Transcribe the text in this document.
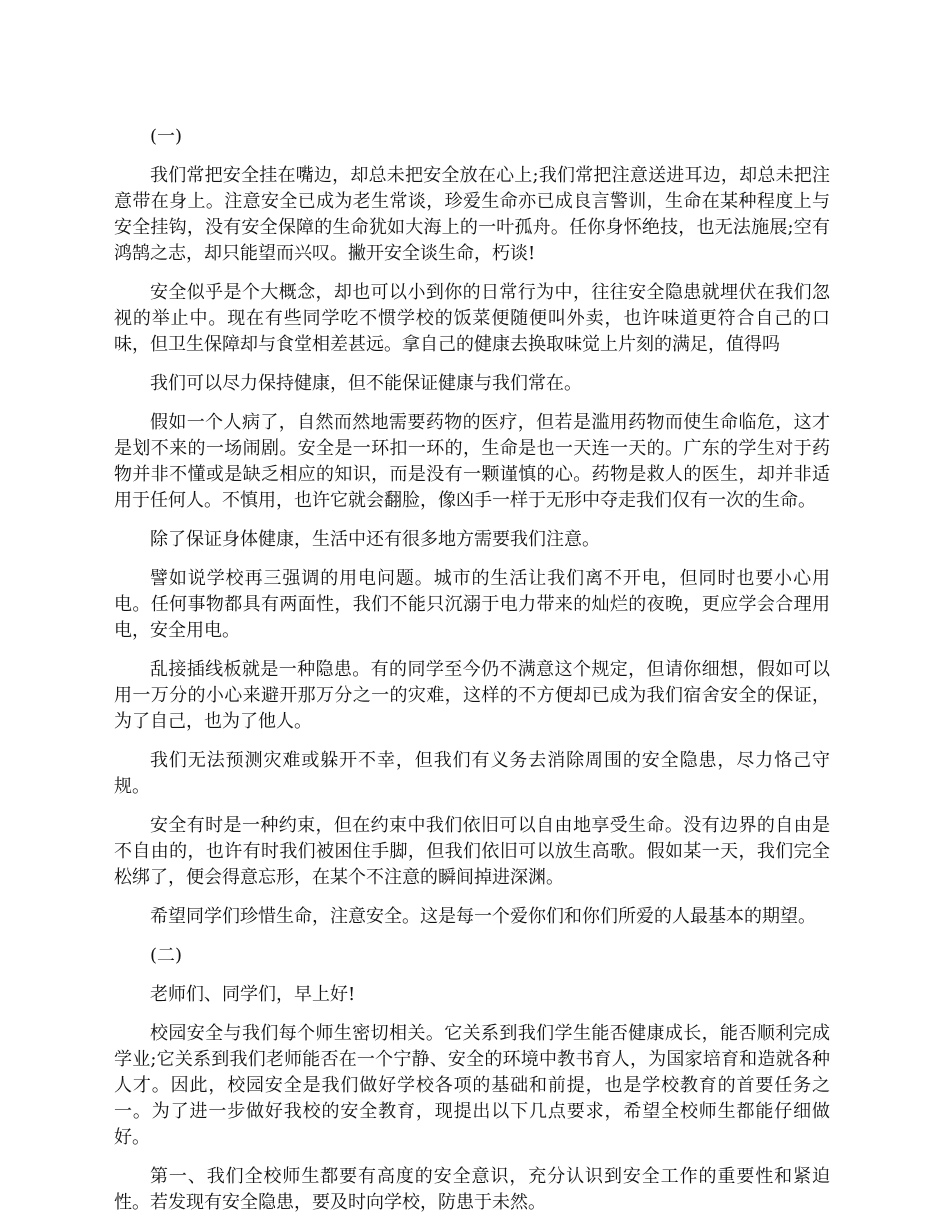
(一)

我们常把安全挂在嘴边，却总未把安全放在心上;我们常把注意送进耳边，却总未把注意带在身上。注意安全已成为老生常谈，珍爱生命亦已成良言警训，生命在某种程度上与安全挂钩，没有安全保障的生命犹如大海上的一叶孤舟。任你身怀绝技，也无法施展;空有鸿鹄之志，却只能望而兴叹。撇开安全谈生命，朽谈!

安全似乎是个大概念，却也可以小到你的日常行为中，往往安全隐患就埋伏在我们忽视的举止中。现在有些同学吃不惯学校的饭菜便随便叫外卖，也许味道更符合自己的口味，但卫生保障却与食堂相差甚远。拿自己的健康去换取味觉上片刻的满足，值得吗

我们可以尽力保持健康，但不能保证健康与我们常在。

假如一个人病了，自然而然地需要药物的医疗，但若是滥用药物而使生命临危，这才是划不来的一场闹剧。安全是一环扣一环的，生命是也一天连一天的。广东的学生对于药物并非不懂或是缺乏相应的知识，而是没有一颗谨慎的心。药物是救人的医生，却并非适用于任何人。不慎用，也许它就会翻脸，像凶手一样于无形中夺走我们仅有一次的生命。

除了保证身体健康，生活中还有很多地方需要我们注意。

譬如说学校再三强调的用电问题。城市的生活让我们离不开电，但同时也要小心用电。任何事物都具有两面性，我们不能只沉溺于电力带来的灿烂的夜晚，更应学会合理用电，安全用电。

乱接插线板就是一种隐患。有的同学至今仍不满意这个规定，但请你细想，假如可以用一万分的小心来避开那万分之一的灾难，这样的不方便却已成为我们宿舍安全的保证，为了自己，也为了他人。

我们无法预测灾难或躲开不幸，但我们有义务去消除周围的安全隐患，尽力恪己守规。

安全有时是一种约束，但在约束中我们依旧可以自由地享受生命。没有边界的自由是不自由的，也许有时我们被困住手脚，但我们依旧可以放生高歌。假如某一天，我们完全松绑了，便会得意忘形，在某个不注意的瞬间掉进深渊。

希望同学们珍惜生命，注意安全。这是每一个爱你们和你们所爱的人最基本的期望。

(二)

老师们、同学们，早上好!

校园安全与我们每个师生密切相关。它关系到我们学生能否健康成长，能否顺利完成学业;它关系到我们老师能否在一个宁静、安全的环境中教书育人，为国家培育和造就各种人才。因此，校园安全是我们做好学校各项的基础和前提，也是学校教育的首要任务之一。为了进一步做好我校的安全教育，现提出以下几点要求，希望全校师生都能仔细做好。

第一、我们全校师生都要有高度的安全意识，充分认识到安全工作的重要性和紧迫性。若发现有安全隐患，要及时向学校，防患于未然。
